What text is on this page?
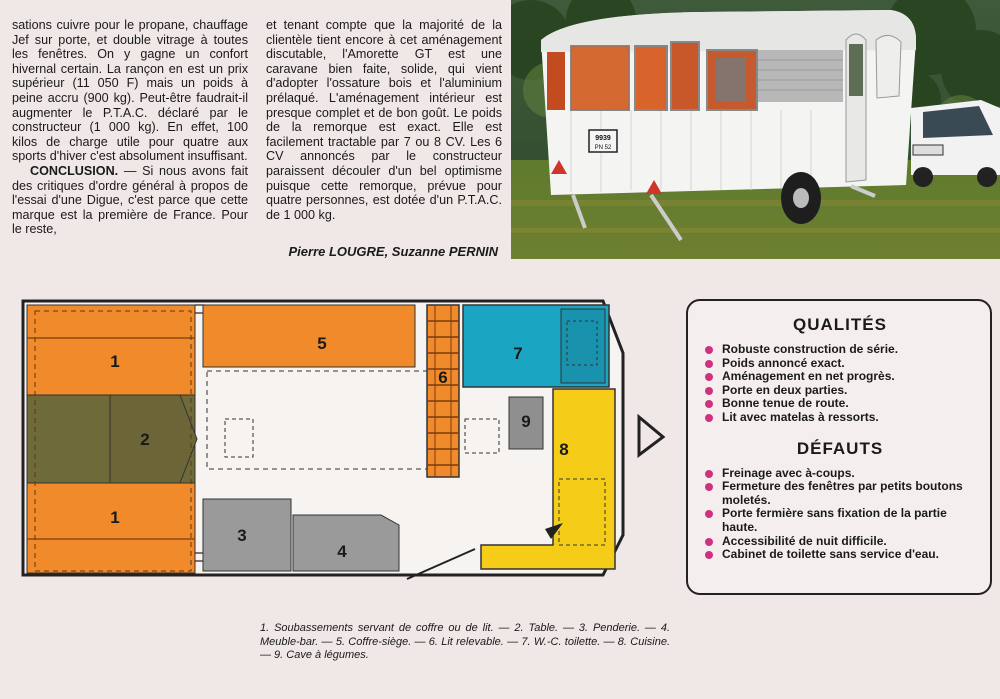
sations cuivre pour le propane, chauffage Jef sur porte, et double vitrage à toutes les fenêtres. On y gagne un confort hivernal certain. La rançon en est un prix supérieur (11 050 F) mais un poids à peine accru (900 kg). Peut-être faudrait-il augmenter le P.T.A.C. déclaré par le constructeur (1 000 kg). En effet, 100 kilos de charge utile pour quatre aux sports d'hiver c'est absolument insuffisant.

CONCLUSION. — Si nous avons fait des critiques d'ordre général à propos de l'essai d'une Digue, c'est parce que cette marque est la première de France. Pour le reste,

et tenant compte que la majorité de la clientèle tient encore à cet aménagement discutable, l'Amorette GT est une caravane bien faite, solide, qui vient d'adopter l'ossature bois et l'aluminium prélaqué. L'aménagement intérieur est presque complet et de bon goût. Le poids de la remorque est exact. Elle est facilement tractable par 7 ou 8 CV. Les 6 CV annoncés par le constructeur paraissent découler d'un bel optimisme puisque cette remorque, prévue pour quatre personnes, est dotée d'un P.T.A.C. de 1 000 kg.

Pierre LOUGRE, Suzanne PERNIN
9939
PN 52
1
2
1
3
4
5
6
7
8
9
1. Soubassements servant de coffre ou de lit. — 2. Table. — 3. Penderie. — 4. Meuble-bar. — 5. Coffre-siège. — 6. Lit relevable. — 7. W.-C. toilette. — 8. Cuisine. — 9. Cave à légumes.
QUALITÉS
Robuste construction de série.
Poids annoncé exact.
Aménagement en net progrès.
Porte en deux parties.
Bonne tenue de route.
Lit avec matelas à ressorts.
DÉFAUTS
Freinage avec à-coups.
Fermeture des fenêtres par petits boutons moletés.
Porte fermière sans fixation de la partie haute.
Accessibilité de nuit difficile.
Cabinet de toilette sans service d'eau.
